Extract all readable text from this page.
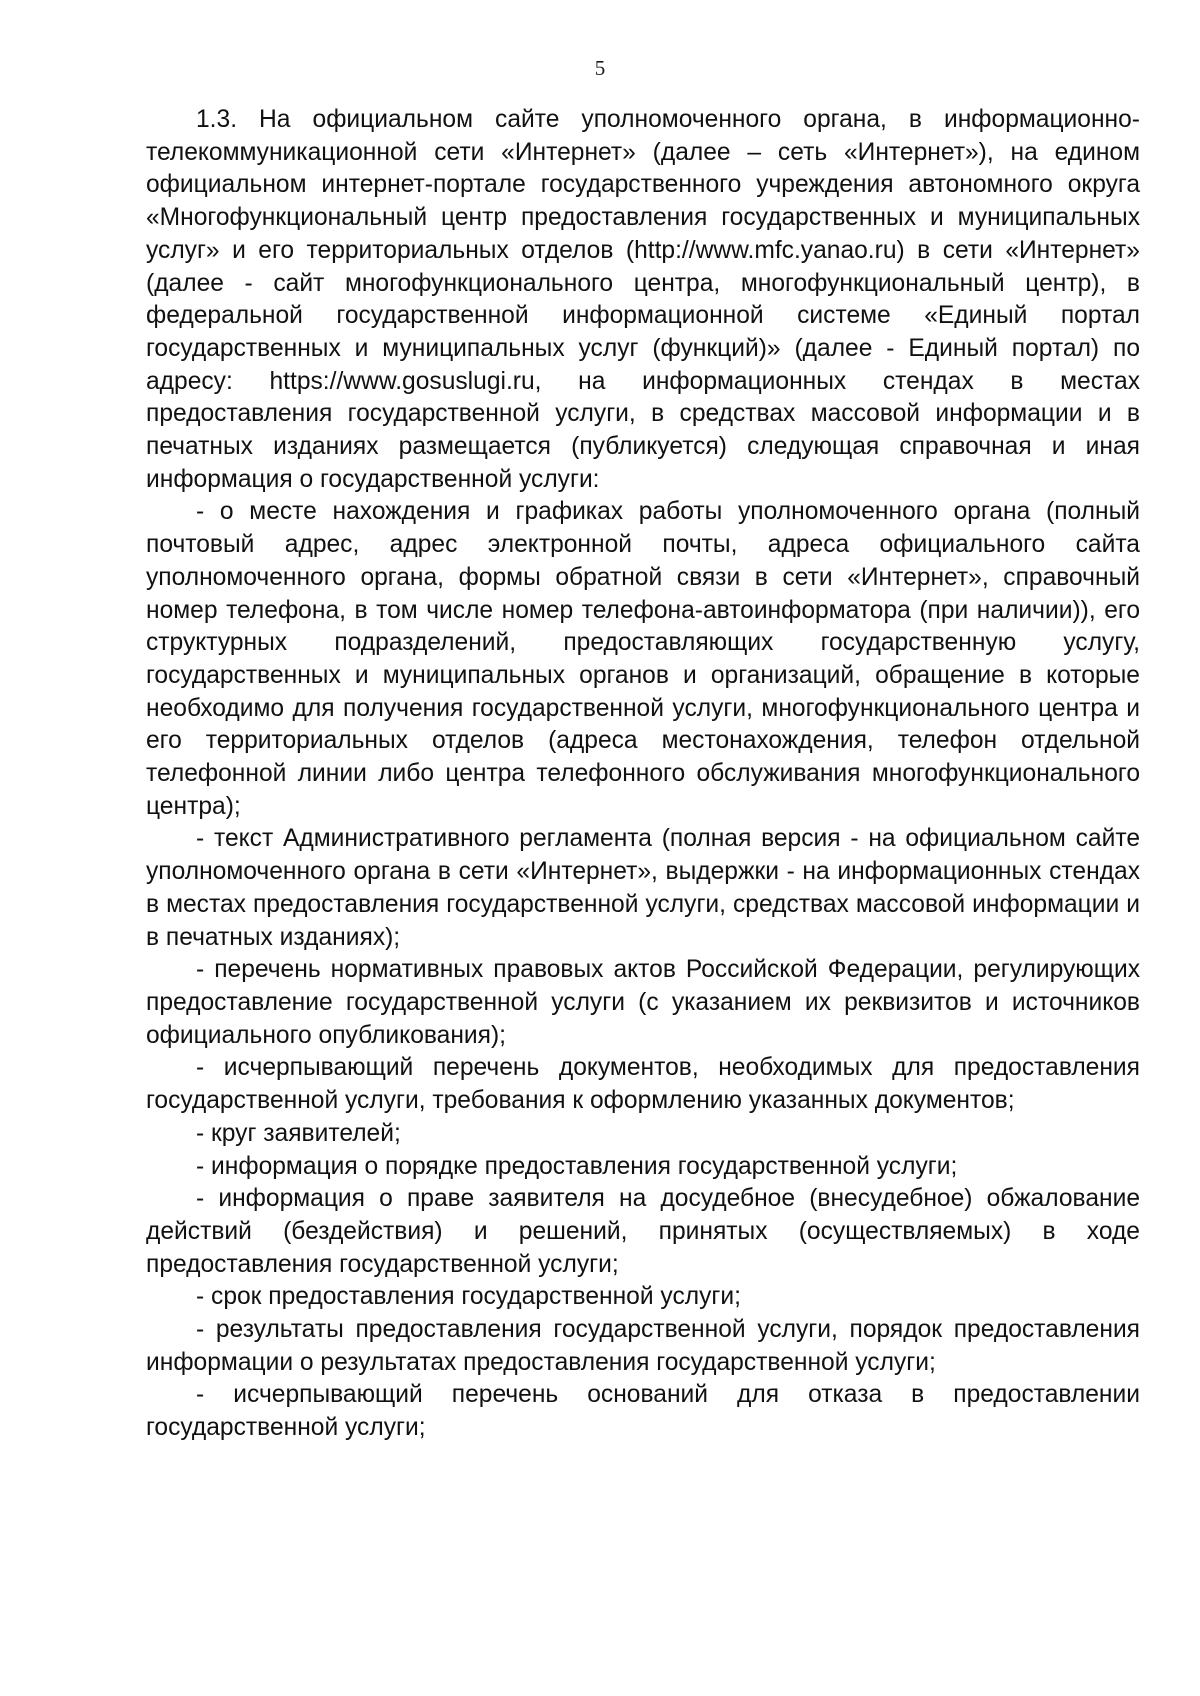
5

1.3. На официальном сайте уполномоченного органа, в информационно-телекоммуникационной сети «Интернет» (далее – сеть «Интернет»), на едином официальном интернет-портале государственного учреждения автономного округа «Многофункциональный центр предоставления государственных и муниципальных услуг» и его территориальных отделов (http://www.mfc.yanao.ru) в сети «Интернет» (далее - сайт многофункционального центра, многофункциональный центр), в федеральной государственной информационной системе «Единый портал государственных и муниципальных услуг (функций)» (далее - Единый портал) по адресу: https://www.gosuslugi.ru, на информационных стендах в местах предоставления государственной услуги, в средствах массовой информации и в печатных изданиях размещается (публикуется) следующая справочная и иная информация о государственной услуги:

- о месте нахождения и графиках работы уполномоченного органа (полный почтовый адрес, адрес электронной почты, адреса официального сайта уполномоченного органа, формы обратной связи в сети «Интернет», справочный номер телефона, в том числе номер телефона-автоинформатора (при наличии)), его структурных подразделений, предоставляющих государственную услугу, государственных и муниципальных органов и организаций, обращение в которые необходимо для получения государственной услуги, многофункционального центра и его территориальных отделов (адреса местонахождения, телефон отдельной телефонной линии либо центра телефонного обслуживания многофункционального центра);

- текст Административного регламента (полная версия - на официальном сайте уполномоченного органа в сети «Интернет», выдержки - на информационных стендах в местах предоставления государственной услуги, средствах массовой информации и в печатных изданиях);

- перечень нормативных правовых актов Российской Федерации, регулирующих предоставление государственной услуги (с указанием их реквизитов и источников официального опубликования);

- исчерпывающий перечень документов, необходимых для предоставления государственной услуги, требования к оформлению указанных документов;

- круг заявителей;

- информация о порядке предоставления государственной услуги;

- информация о праве заявителя на досудебное (внесудебное) обжалование действий (бездействия) и решений, принятых (осуществляемых) в ходе предоставления государственной услуги;

- срок предоставления государственной услуги;

- результаты предоставления государственной услуги, порядок предоставления информации о результатах предоставления государственной услуги;

- исчерпывающий перечень оснований для отказа в предоставлении государственной услуги;
